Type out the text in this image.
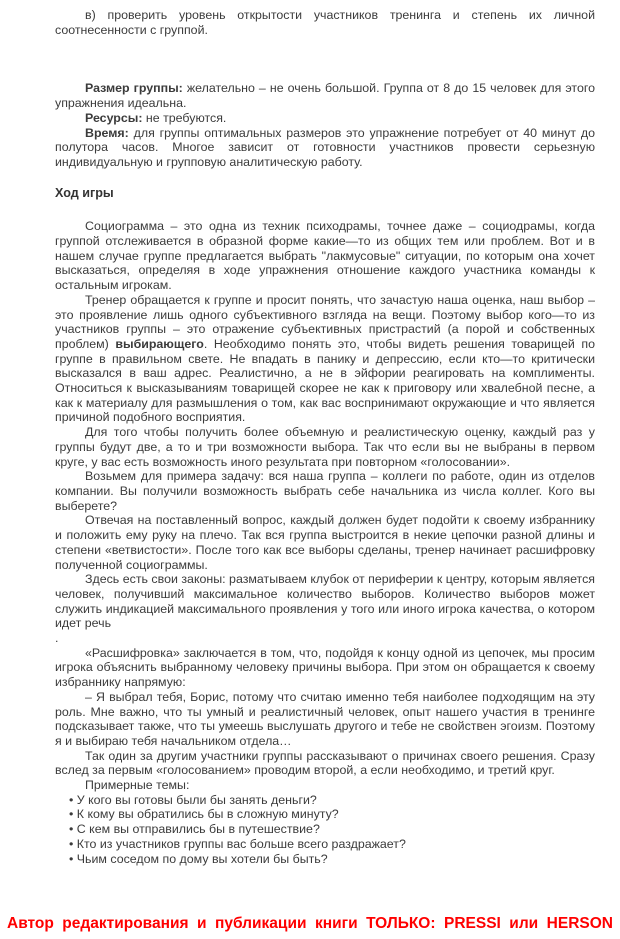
в) проверить уровень открытости участников тренинга и степень их личной соотнесенности с группой.

Размер группы: желательно – не очень большой. Группа от 8 до 15 человек для этого упражнения идеальна.

Ресурсы: не требуются.

Время: для группы оптимальных размеров это упражнение потребует от 40 минут до полутора часов. Многое зависит от готовности участников провести серьезную индивидуальную и групповую аналитическую работу.

Ход игры

Социограмма – это одна из техник психодрамы, точнее даже – социодрамы, когда группой отслеживается в образной форме какие—то из общих тем или проблем. Вот и в нашем случае группе предлагается выбрать "лакмусовые" ситуации, по которым она хочет высказаться, определяя в ходе упражнения отношение каждого участника команды к остальным игрокам.

Тренер обращается к группе и просит понять, что зачастую наша оценка, наш выбор – это проявление лишь одного субъективного взгляда на вещи. Поэтому выбор кого—то из участников группы – это отражение субъективных пристрастий (а порой и собственных проблем) выбирающего. Необходимо понять это, чтобы видеть решения товарищей по группе в правильном свете. Не впадать в панику и депрессию, если кто—то критически высказался в ваш адрес. Реалистично, а не в эйфории реагировать на комплименты. Относиться к высказываниям товарищей скорее не как к приговору или хвалебной песне, а как к материалу для размышления о том, как вас воспринимают окружающие и что является причиной подобного восприятия.

Для того чтобы получить более объемную и реалистическую оценку, каждый раз у группы будут две, а то и три возможности выбора. Так что если вы не выбраны в первом круге, у вас есть возможность иного результата при повторном «голосовании».

Возьмем для примера задачу: вся наша группа – коллеги по работе, один из отделов компании. Вы получили возможность выбрать себе начальника из числа коллег. Кого вы выберете?

Отвечая на поставленный вопрос, каждый должен будет подойти к своему избраннику и положить ему руку на плечо. Так вся группа выстроится в некие цепочки разной длины и степени «ветвистости». После того как все выборы сделаны, тренер начинает расшифровку полученной социограммы.

Здесь есть свои законы: разматываем клубок от периферии к центру, которым является человек, получивший максимальное количество выборов. Количество выборов может служить индикацией максимального проявления у того или иного игрока качества, о котором идет речь

.

«Расшифровка» заключается в том, что, подойдя к концу одной из цепочек, мы просим игрока объяснить выбранному человеку причины выбора. При этом он обращается к своему избраннику напрямую:

– Я выбрал тебя, Борис, потому что считаю именно тебя наиболее подходящим на эту роль. Мне важно, что ты умный и реалистичный человек, опыт нашего участия в тренинге подсказывает также, что ты умеешь выслушать другого и тебе не свойствен эгоизм. Поэтому я и выбираю тебя начальником отдела…

Так один за другим участники группы рассказывают о причинах своего решения. Сразу вслед за первым «голосованием» проводим второй, а если необходимо, и третий круг.

Примерные темы:

• У кого вы готовы были бы занять деньги?

• К кому вы обратились бы в сложную минуту?

• С кем вы отправились бы в путешествие?

• Кто из участников группы вас больше всего раздражает?

• Чьим соседом по дому вы хотели бы быть?

Автор редактирования и публикации книги ТОЛЬКО: PRESSI или HERSON
